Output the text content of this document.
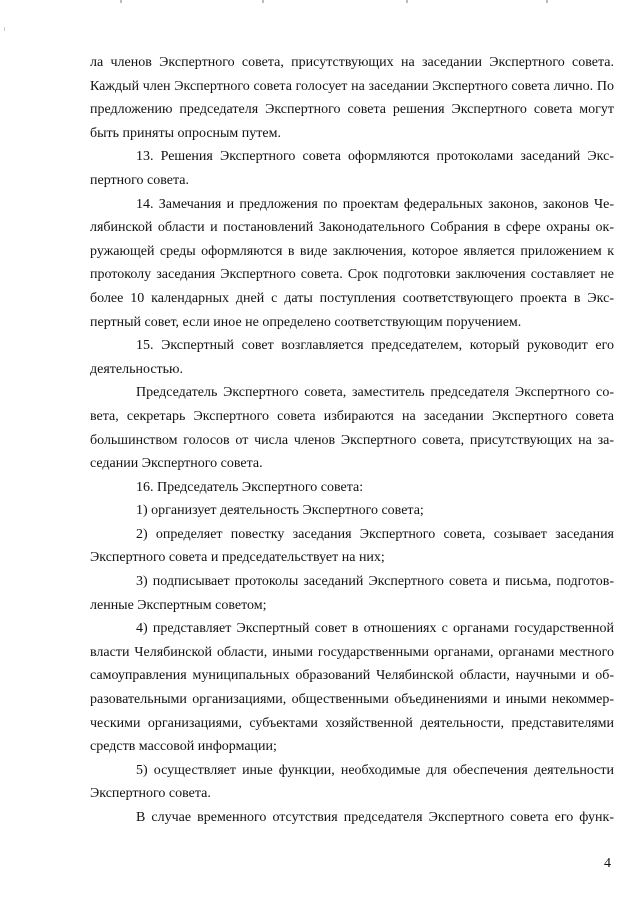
ла членов Экспертного совета, присутствующих на заседании Экспертного совета. Каждый член Экспертного совета голосует на заседании Экспертного совета лично. По предложению председателя Экспертного совета решения Экспертного совета могут быть приняты опросным путем.

13. Решения Экспертного совета оформляются протоколами заседаний Экспертного совета.

14. Замечания и предложения по проектам федеральных законов, законов Челябинской области и постановлений Законодательного Собрания в сфере охраны окружающей среды оформляются в виде заключения, которое является приложением к протоколу заседания Экспертного совета. Срок подготовки заключения составляет не более 10 календарных дней с даты поступления соответствующего проекта в Экспертный совет, если иное не определено соответствующим поручением.

15. Экспертный совет возглавляется председателем, который руководит его деятельностью.

Председатель Экспертного совета, заместитель председателя Экспертного совета, секретарь Экспертного совета избираются на заседании Экспертного совета большинством голосов от числа членов Экспертного совета, присутствующих на заседании Экспертного совета.

16. Председатель Экспертного совета:

1) организует деятельность Экспертного совета;

2) определяет повестку заседания Экспертного совета, созывает заседания Экспертного совета и председательствует на них;

3) подписывает протоколы заседаний Экспертного совета и письма, подготовленные Экспертным советом;

4) представляет Экспертный совет в отношениях с органами государственной власти Челябинской области, иными государственными органами, органами местного самоуправления муниципальных образований Челябинской области, научными и образовательными организациями, общественными объединениями и иными некоммерческими организациями, субъектами хозяйственной деятельности, представителями средств массовой информации;

5) осуществляет иные функции, необходимые для обеспечения деятельности Экспертного совета.

В случае временного отсутствия председателя Экспертного совета его функ-

4
